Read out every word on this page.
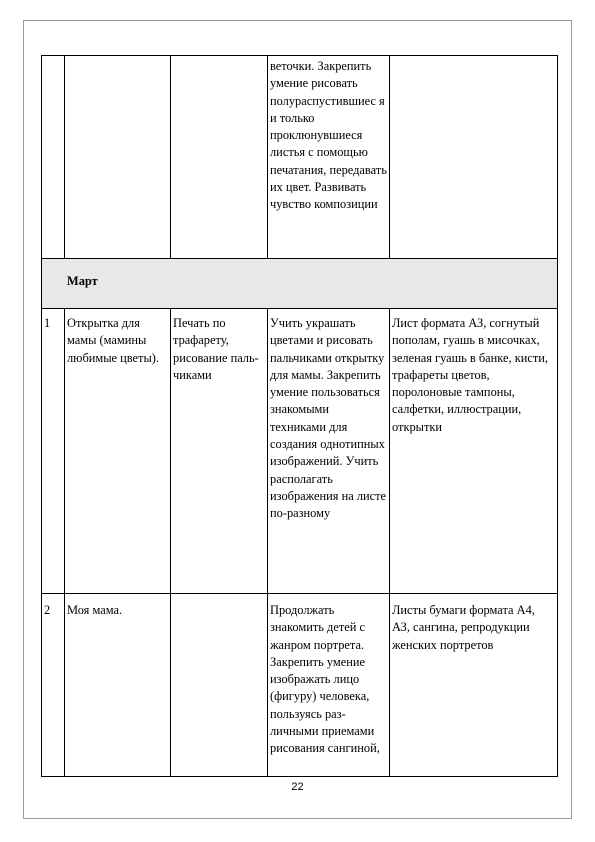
			веточки. Закрепить умение рисовать полураспустившиес я и только проклюнувшиеся листья с помощью печатания, передавать их цвет. Развивать чувство композиции	
Март				
1	Открытка для мамы (мамины любимые цветы).	Печать по трафарету, рисование пальчиками	Учить украшать цветами и рисовать пальчиками открытку для мамы. Закрепить умение пользоваться знакомыми техниками для создания однотипных изображений. Учить располагать изображения на листе по-разному	Лист формата АЗ, согнутый пополам, гуашь в мисочках, зеленая гуашь в банке, кисти, трафареты цветов, поролоновые тампоны, салфетки, иллюстрации, открытки
2	Моя мама.		Продолжать знакомить детей с жанром портрета. Закрепить умение изображать лицо (фигуру) человека, пользуясь различными приемами рисования сангиной,	Листы бумаги формата А4, АЗ, сангина, репродукции женских портретов
22
